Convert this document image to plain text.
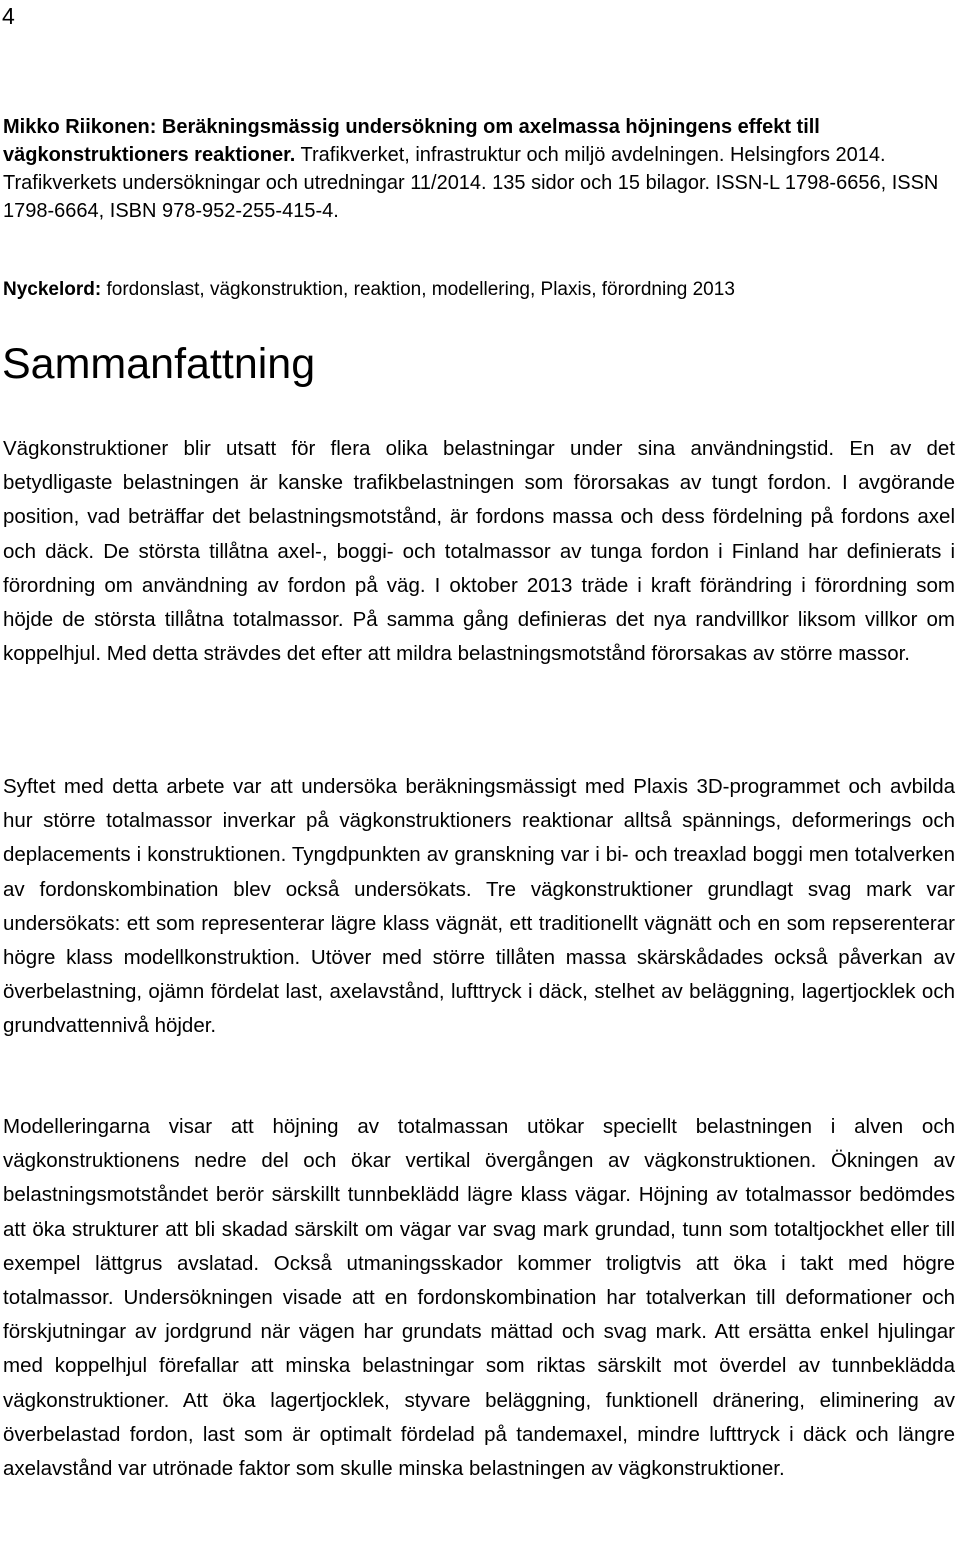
4

Mikko Riikonen: Beräkningsmässig undersökning om axelmassa höjningens effekt till vägkonstruktioners reaktioner. Trafikverket, infrastruktur och miljö avdelningen. Helsingfors 2014. Trafikverkets undersökningar och utredningar 11/2014. 135 sidor och 15 bilagor. ISSN-L 1798-6656, ISSN 1798-6664, ISBN 978-952-255-415-4.

Nyckelord: fordonslast, vägkonstruktion, reaktion, modellering, Plaxis, förordning 2013

Sammanfattning

Vägkonstruktioner blir utsatt för flera olika belastningar under sina användningstid. En av det betydligaste belastningen är kanske trafikbelastningen som förorsakas av tungt fordon. I avgörande position, vad beträffar det belastningsmotstånd, är fordons massa och dess fördelning på fordons axel och däck. De största tillåtna axel-, boggi- och totalmassor av tunga fordon i Finland har definierats i förordning om användning av fordon på väg. I oktober 2013 träde i kraft förändring i förordning som höjde de största tillåtna totalmassor. På samma gång definieras det nya randvillkor liksom villkor om koppelhjul. Med detta strävdes det efter att mildra belastningsmotstånd förorsakas av större massor.

Syftet med detta arbete var att undersöka beräkningsmässigt med Plaxis 3D-programmet och avbilda hur större totalmassor inverkar på vägkonstruktioners reaktionar alltså spännings, deformerings och deplacements i konstruktionen. Tyngdpunkten av granskning var i bi- och treaxlad boggi men totalverken av fordonskombination blev också undersökats. Tre vägkonstruktioner grundlagt svag mark var undersökats: ett som representerar lägre klass vägnät, ett traditionellt vägnätt och en som repserenterar högre klass modellkonstruktion. Utöver med större tillåten massa skärskådades också påverkan av överbelastning, ojämn fördelat last, axelavstånd, lufttryck i däck, stelhet av beläggning, lagertjocklek och grundvattennivå höjder.

Modelleringarna visar att höjning av totalmassan utökar speciellt belastningen i alven och vägkonstruktionens nedre del och ökar vertikal övergången av vägkonstruktionen. Ökningen av belastningsmotståndet berör särskillt tunnbeklädd lägre klass vägar. Höjning av totalmassor bedömdes att öka strukturer att bli skadad särskilt om vägar var svag mark grundad, tunn som totaltjockhet eller till exempel lättgrus avslatad. Också utmaningsskador kommer troligtvis att öka i takt med högre totalmassor. Undersökningen visade att en fordonskombination har totalverkan till deformationer och förskjutningar av jordgrund när vägen har grundats mättad och svag mark. Att ersätta enkel hjulingar med koppelhjul förefallar att minska belastningar som riktas särskilt mot överdel av tunnbeklädda vägkonstruktioner. Att öka lagertjocklek, styvare beläggning, funktionell dränering, eliminering av överbelastad fordon, last som är optimalt fördelad på tandemaxel, mindre lufttryck i däck och längre axelavstånd var utrönade faktor som skulle minska belastningen av vägkonstruktioner.
